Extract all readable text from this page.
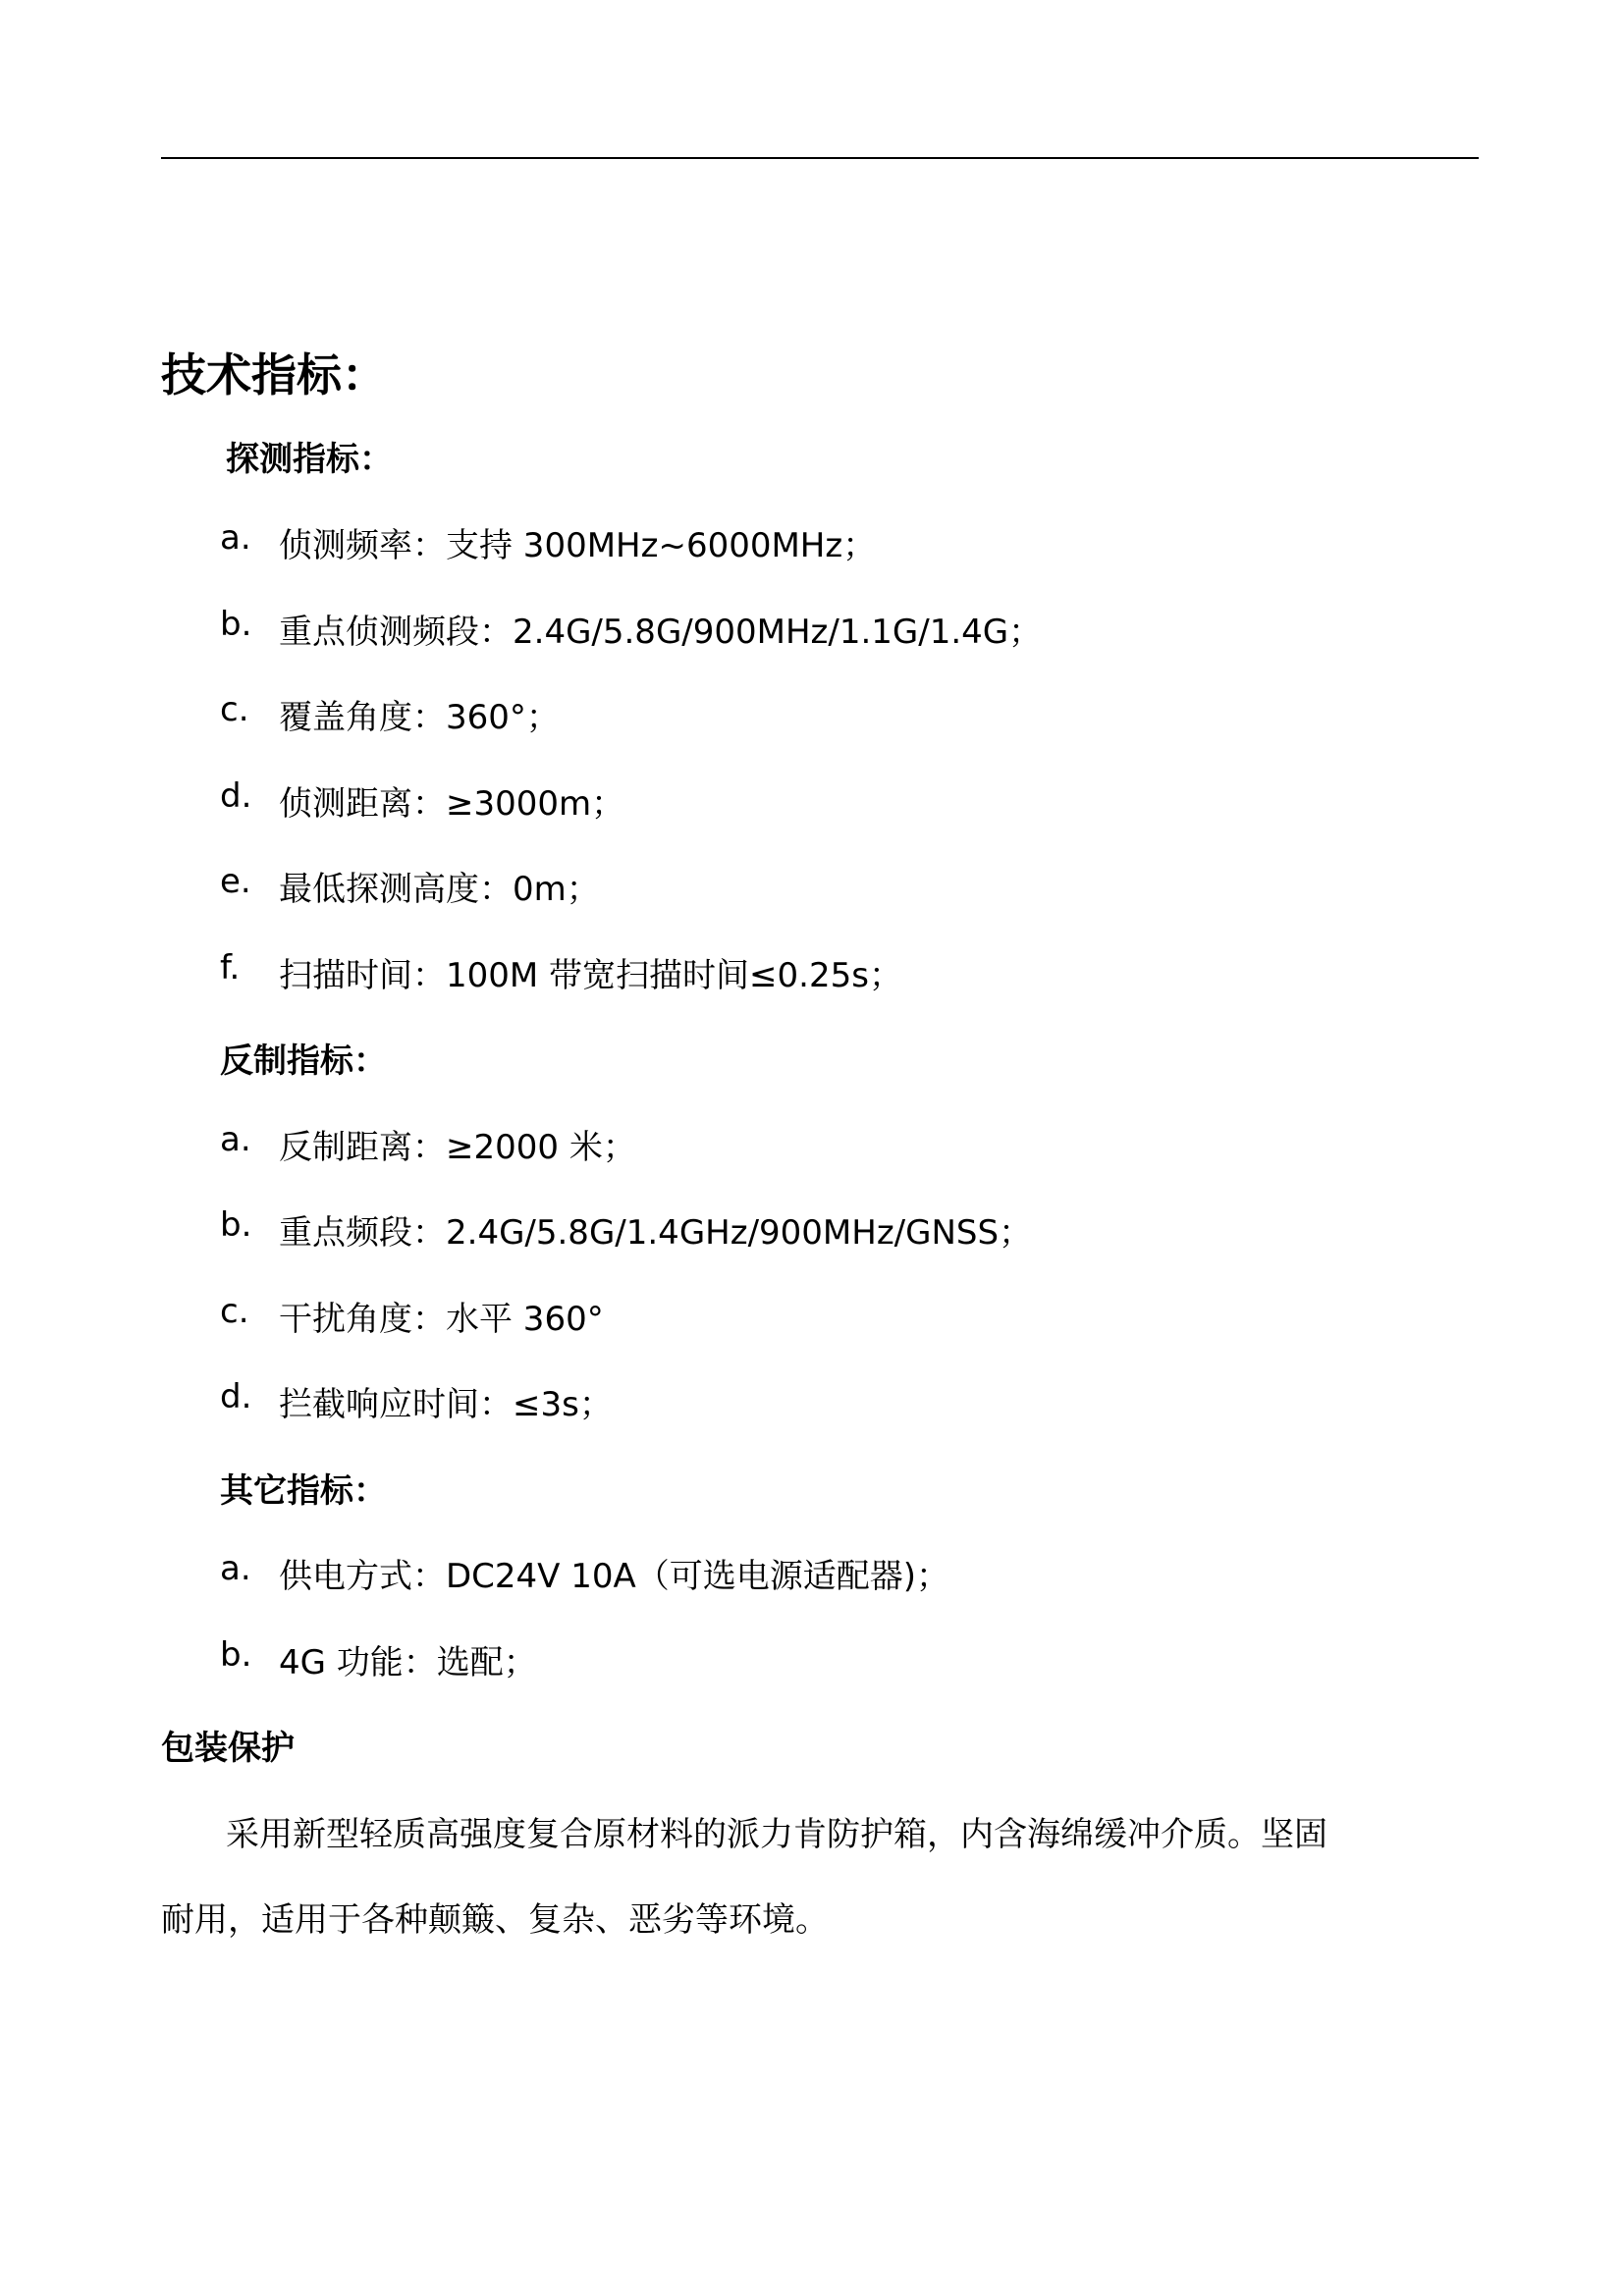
技术指标：
探测指标：
a. 侦测频率：支持 300MHz~6000MHz；
b. 重点侦测频段：2.4G/5.8G/900MHz/1.1G/1.4G；
c. 覆盖角度：360°；
d. 侦测距离：≥3000m；
e. 最低探测高度：0m；
f. 扫描时间：100M 带宽扫描时间≤0.25s；
反制指标：
a. 反制距离：≥2000 米；
b. 重点频段：2.4G/5.8G/1.4GHz/900MHz/GNSS；
c. 干扰角度：水平 360°
d. 拦截响应时间：≤3s；
其它指标：
a. 供电方式：DC24V 10A（可选电源适配器)；
b. 4G 功能：选配；
包装保护
采用新型轻质高强度复合原材料的派力肯防护箱，内含海绵缓冲介质。坚固
耐用，适用于各种颠簸、复杂、恶劣等环境。
